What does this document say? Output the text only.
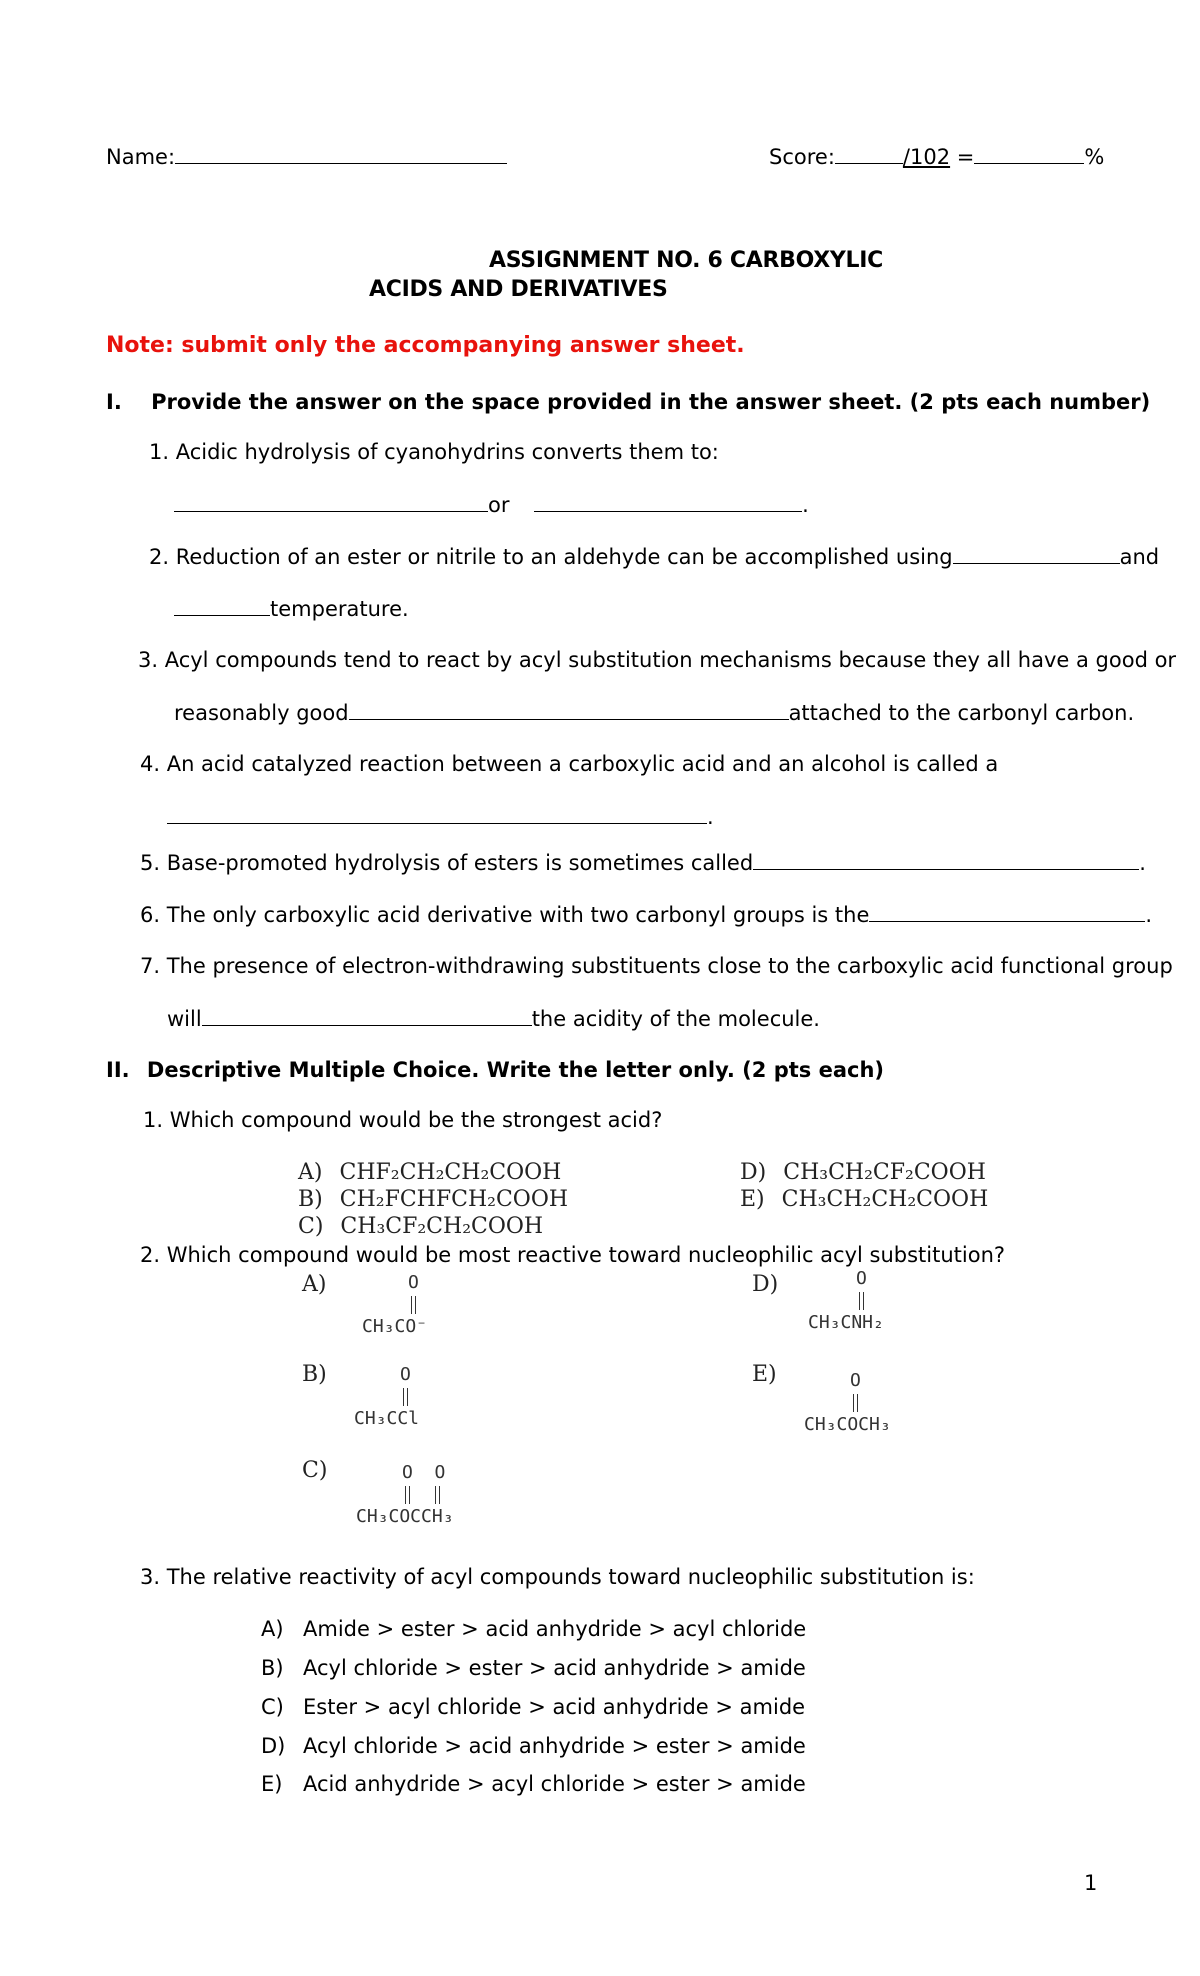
Name:	Score:	/102 =	%
ASSIGNMENT NO. 6 CARBOXYLIC
ACIDS AND DERIVATIVES
Note: submit only the accompanying answer sheet.
I. Provide the answer on the space provided in the answer sheet. (2 pts each number)
1. Acidic hydrolysis of cyanohydrins converts them to:
or	.
2. Reduction of an ester or nitrile to an aldehyde can be accomplished using	and
temperature.
3. Acyl compounds tend to react by acyl substitution mechanisms because they all have a good or
reasonably good	attached to the carbonyl carbon.
4. An acid catalyzed reaction between a carboxylic acid and an alcohol is called a
.
5. Base-promoted hydrolysis of esters is sometimes called	.
6. The only carboxylic acid derivative with two carbonyl groups is the	.
7. The presence of electron-withdrawing substituents close to the carboxylic acid functional group
will	the acidity of the molecule.
II. Descriptive Multiple Choice. Write the letter only. (2 pts each)
1. Which compound would be the strongest acid?
A) CHF₂CH₂CH₂COOH
B) CH₂FCHFCH₂COOH
C) CH₃CF₂CH₂COOH
D) CH₃CH₂CF₂COOH
E) CH₃CH₂CH₂COOH
2. Which compound would be most reactive toward nucleophilic acyl substitution?
A)	O
CH₃CO⁻
B)	O
CH₃CCl
C)	O  O
CH₃COCCH₃
D)	O
CH₃CNH₂
E)	O
CH₃COCH₃
3. The relative reactivity of acyl compounds toward nucleophilic substitution is:
A) Amide > ester > acid anhydride > acyl chloride
B) Acyl chloride > ester > acid anhydride > amide
C) Ester > acyl chloride > acid anhydride > amide
D) Acyl chloride > acid anhydride > ester > amide
E) Acid anhydride > acyl chloride > ester > amide
1
